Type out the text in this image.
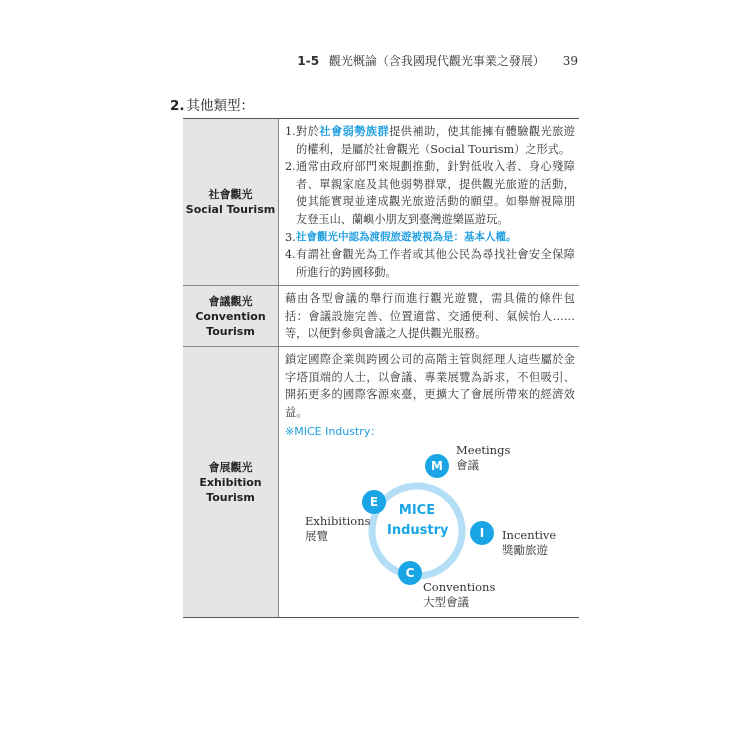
1-5 觀光概論（含我國現代觀光事業之發展） 39
2. 其他類型：
社會觀光
Social Tourism
1. 對於社會弱勢族群提供補助，使其能擁有體驗觀光旅遊的權利，是屬於社會觀光（Social Tourism）之形式。
2. 通常由政府部門來規劃推動，針對低收入者、身心殘障者、單親家庭及其他弱勢群眾，提供觀光旅遊的活動，使其能實現並達成觀光旅遊活動的願望。如舉辦視障朋友登玉山、蘭嶼小朋友到臺灣遊樂區遊玩。
3. 社會觀光中認為渡假旅遊被視為是：基本人權。
4. 有謂社會觀光為工作者或其他公民為尋找社會安全保障所進行的跨國移動。
會議觀光
Convention
Tourism
藉由各型會議的舉行而進行觀光遊覽，需具備的條件包括：會議設施完善、位置適當、交通便利、氣候怡人……等，以便對參與會議之人提供觀光服務。
會展觀光
Exhibition
Tourism
鎖定國際企業與跨國公司的高階主管與經理人這些屬於金字塔頂端的人士，以會議、專業展覽為訴求，不但吸引、開拓更多的國際客源來臺，更擴大了會展所帶來的經濟效益。
※MICE Industry：
MICE
Industry
M
Meetings
會議
I	Incentive
獎勵旅遊
C
Conventions
大型會議
E
Exhibitions
展覽
